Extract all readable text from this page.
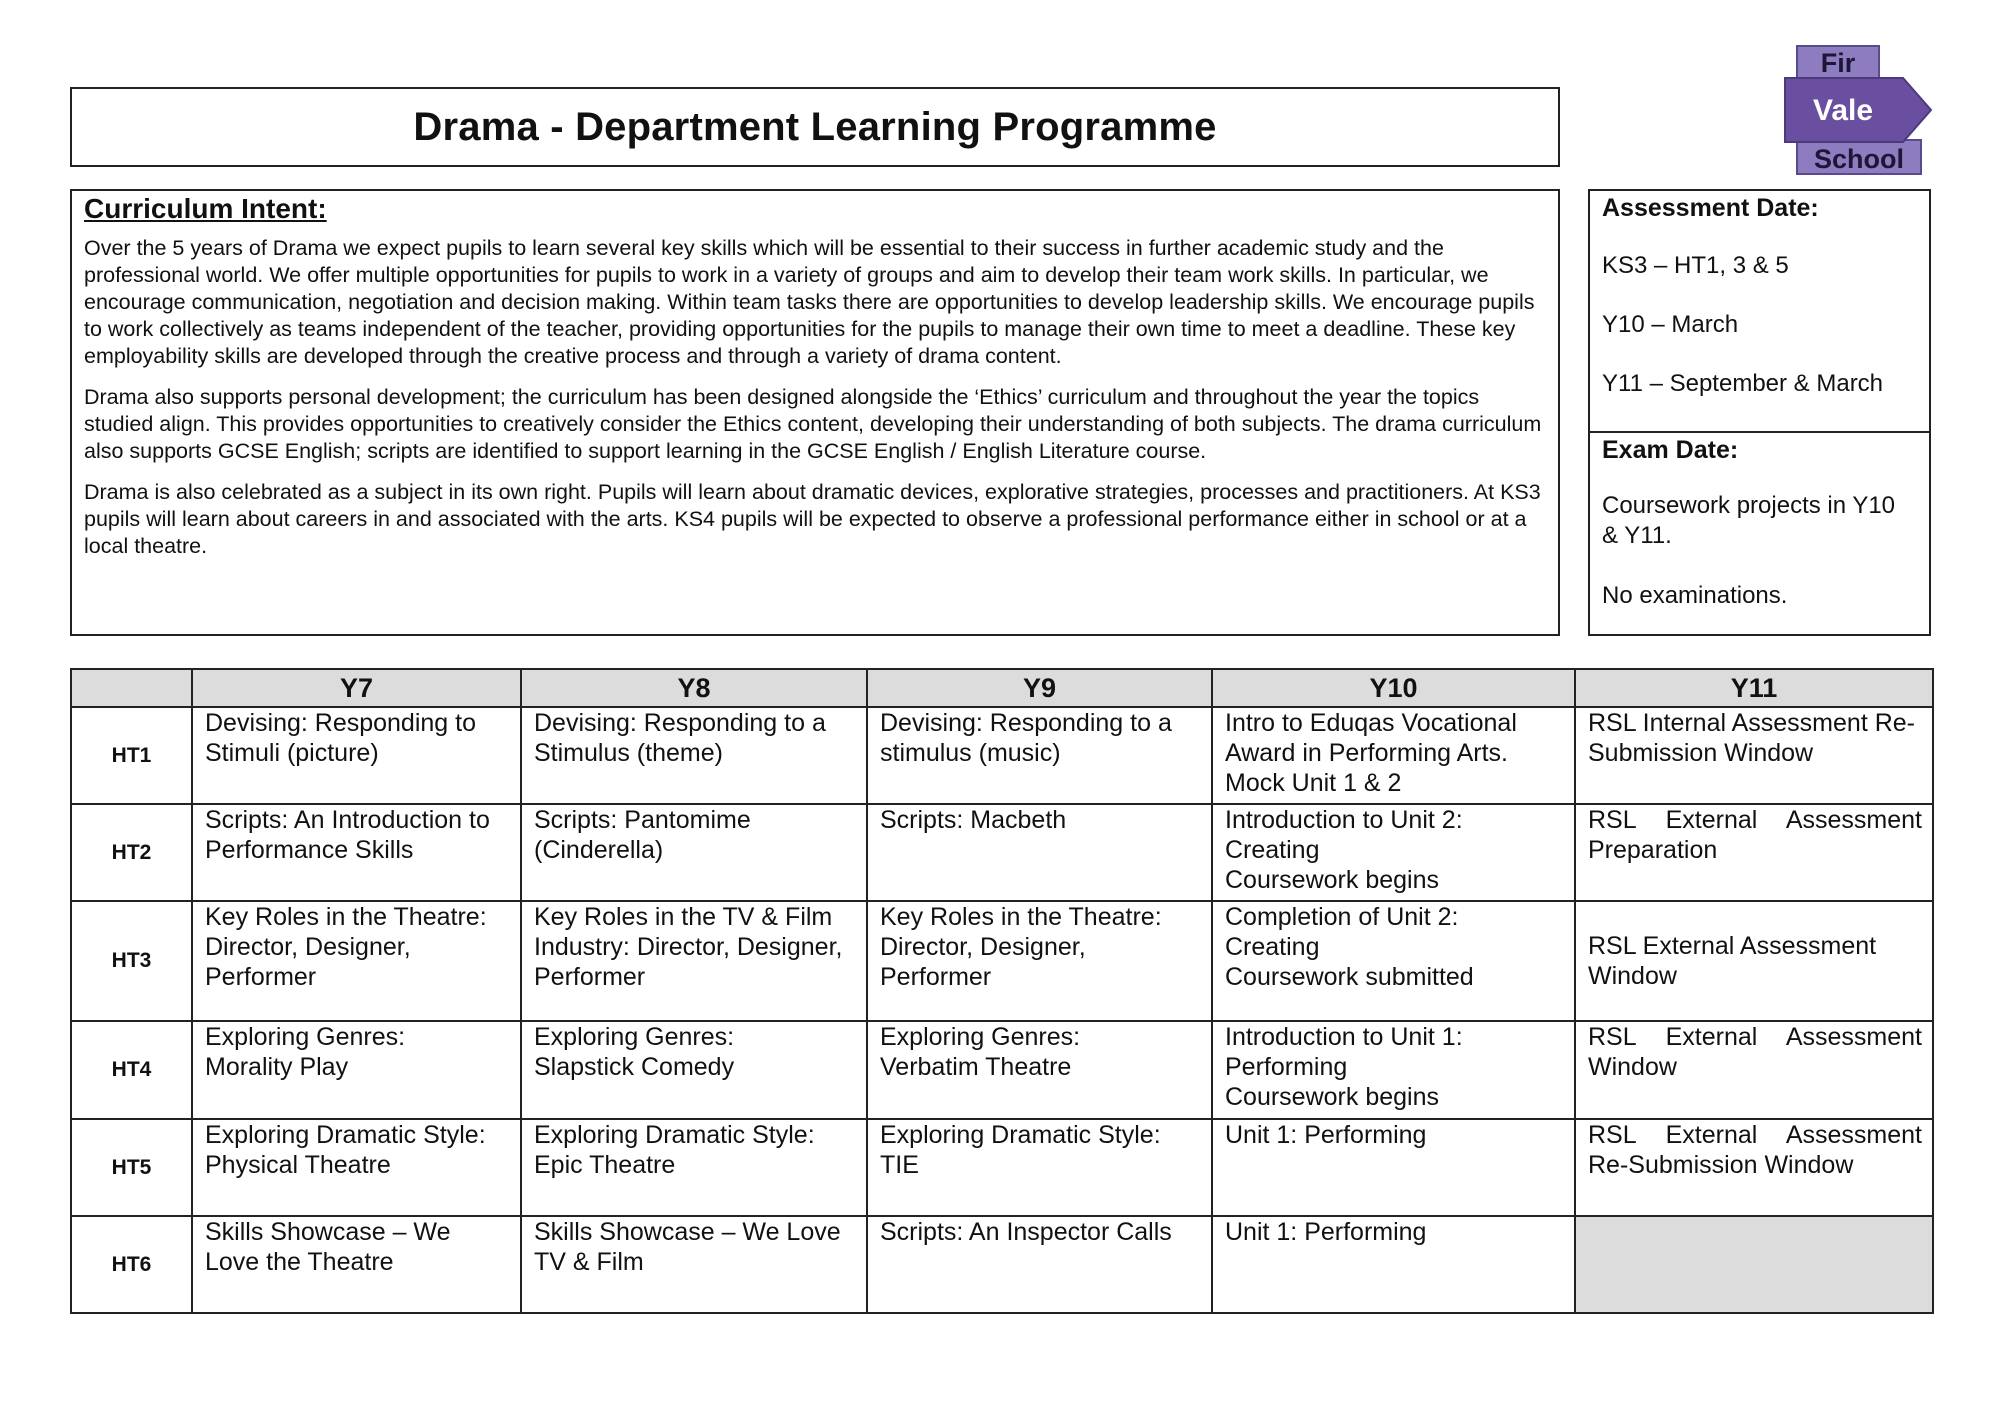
Drama - Department Learning Programme
Fir
Vale
School

Curriculum Intent:

Over the 5 years of Drama we expect pupils to learn several key skills which will be essential to their success in further academic study and the professional world. We offer multiple opportunities for pupils to work in a variety of groups and aim to develop their team work skills. In particular, we encourage communication, negotiation and decision making. Within team tasks there are opportunities to develop leadership skills. We encourage pupils to work collectively as teams independent of the teacher, providing opportunities for the pupils to manage their own time to meet a deadline. These key employability skills are developed through the creative process and through a variety of drama content.

Drama also supports personal development; the curriculum has been designed alongside the ‘Ethics’ curriculum and throughout the year the topics studied align. This provides opportunities to creatively consider the Ethics content, developing their understanding of both subjects. The drama curriculum also supports GCSE English; scripts are identified to support learning in the GCSE English / English Literature course.

Drama is also celebrated as a subject in its own right. Pupils will learn about dramatic devices, explorative strategies, processes and practitioners. At KS3 pupils will learn about careers in and associated with the arts. KS4 pupils will be expected to observe a professional performance either in school or at a local theatre.

Assessment Date:

KS3 – HT1, 3 & 5

Y10 – March

Y11 – September & March

Exam Date:

Coursework projects in Y10 & Y11.

No examinations.

	Y7	Y8	Y9	Y10	Y11
HT1	Devising: Responding to Stimuli (picture)	Devising: Responding to a Stimulus (theme)	Devising: Responding to a stimulus (music)	Intro to Eduqas Vocational Award in Performing Arts. Mock Unit 1 & 2	RSL Internal Assessment Re-Submission Window
HT2	Scripts: An Introduction to Performance Skills	Scripts: Pantomime (Cinderella)	Scripts: Macbeth	Introduction to Unit 2:
Creating
Coursework begins	RSL External Assessment Preparation
HT3	Key Roles in the Theatre: Director, Designer, Performer	Key Roles in the TV & Film Industry: Director, Designer, Performer	Key Roles in the Theatre: Director, Designer, Performer	Completion of Unit 2:
Creating
Coursework submitted	RSL External Assessment Window
HT4	Exploring Genres:
Morality Play	Exploring Genres:
Slapstick Comedy	Exploring Genres:
Verbatim Theatre	Introduction to Unit 1:
Performing
Coursework begins	RSL External Assessment Window
HT5	Exploring Dramatic Style: Physical Theatre	Exploring Dramatic Style: Epic Theatre	Exploring Dramatic Style: TIE	Unit 1: Performing	RSL External Assessment Re-Submission Window
HT6	Skills Showcase – We Love the Theatre	Skills Showcase – We Love TV & Film	Scripts: An Inspector Calls	Unit 1: Performing	
